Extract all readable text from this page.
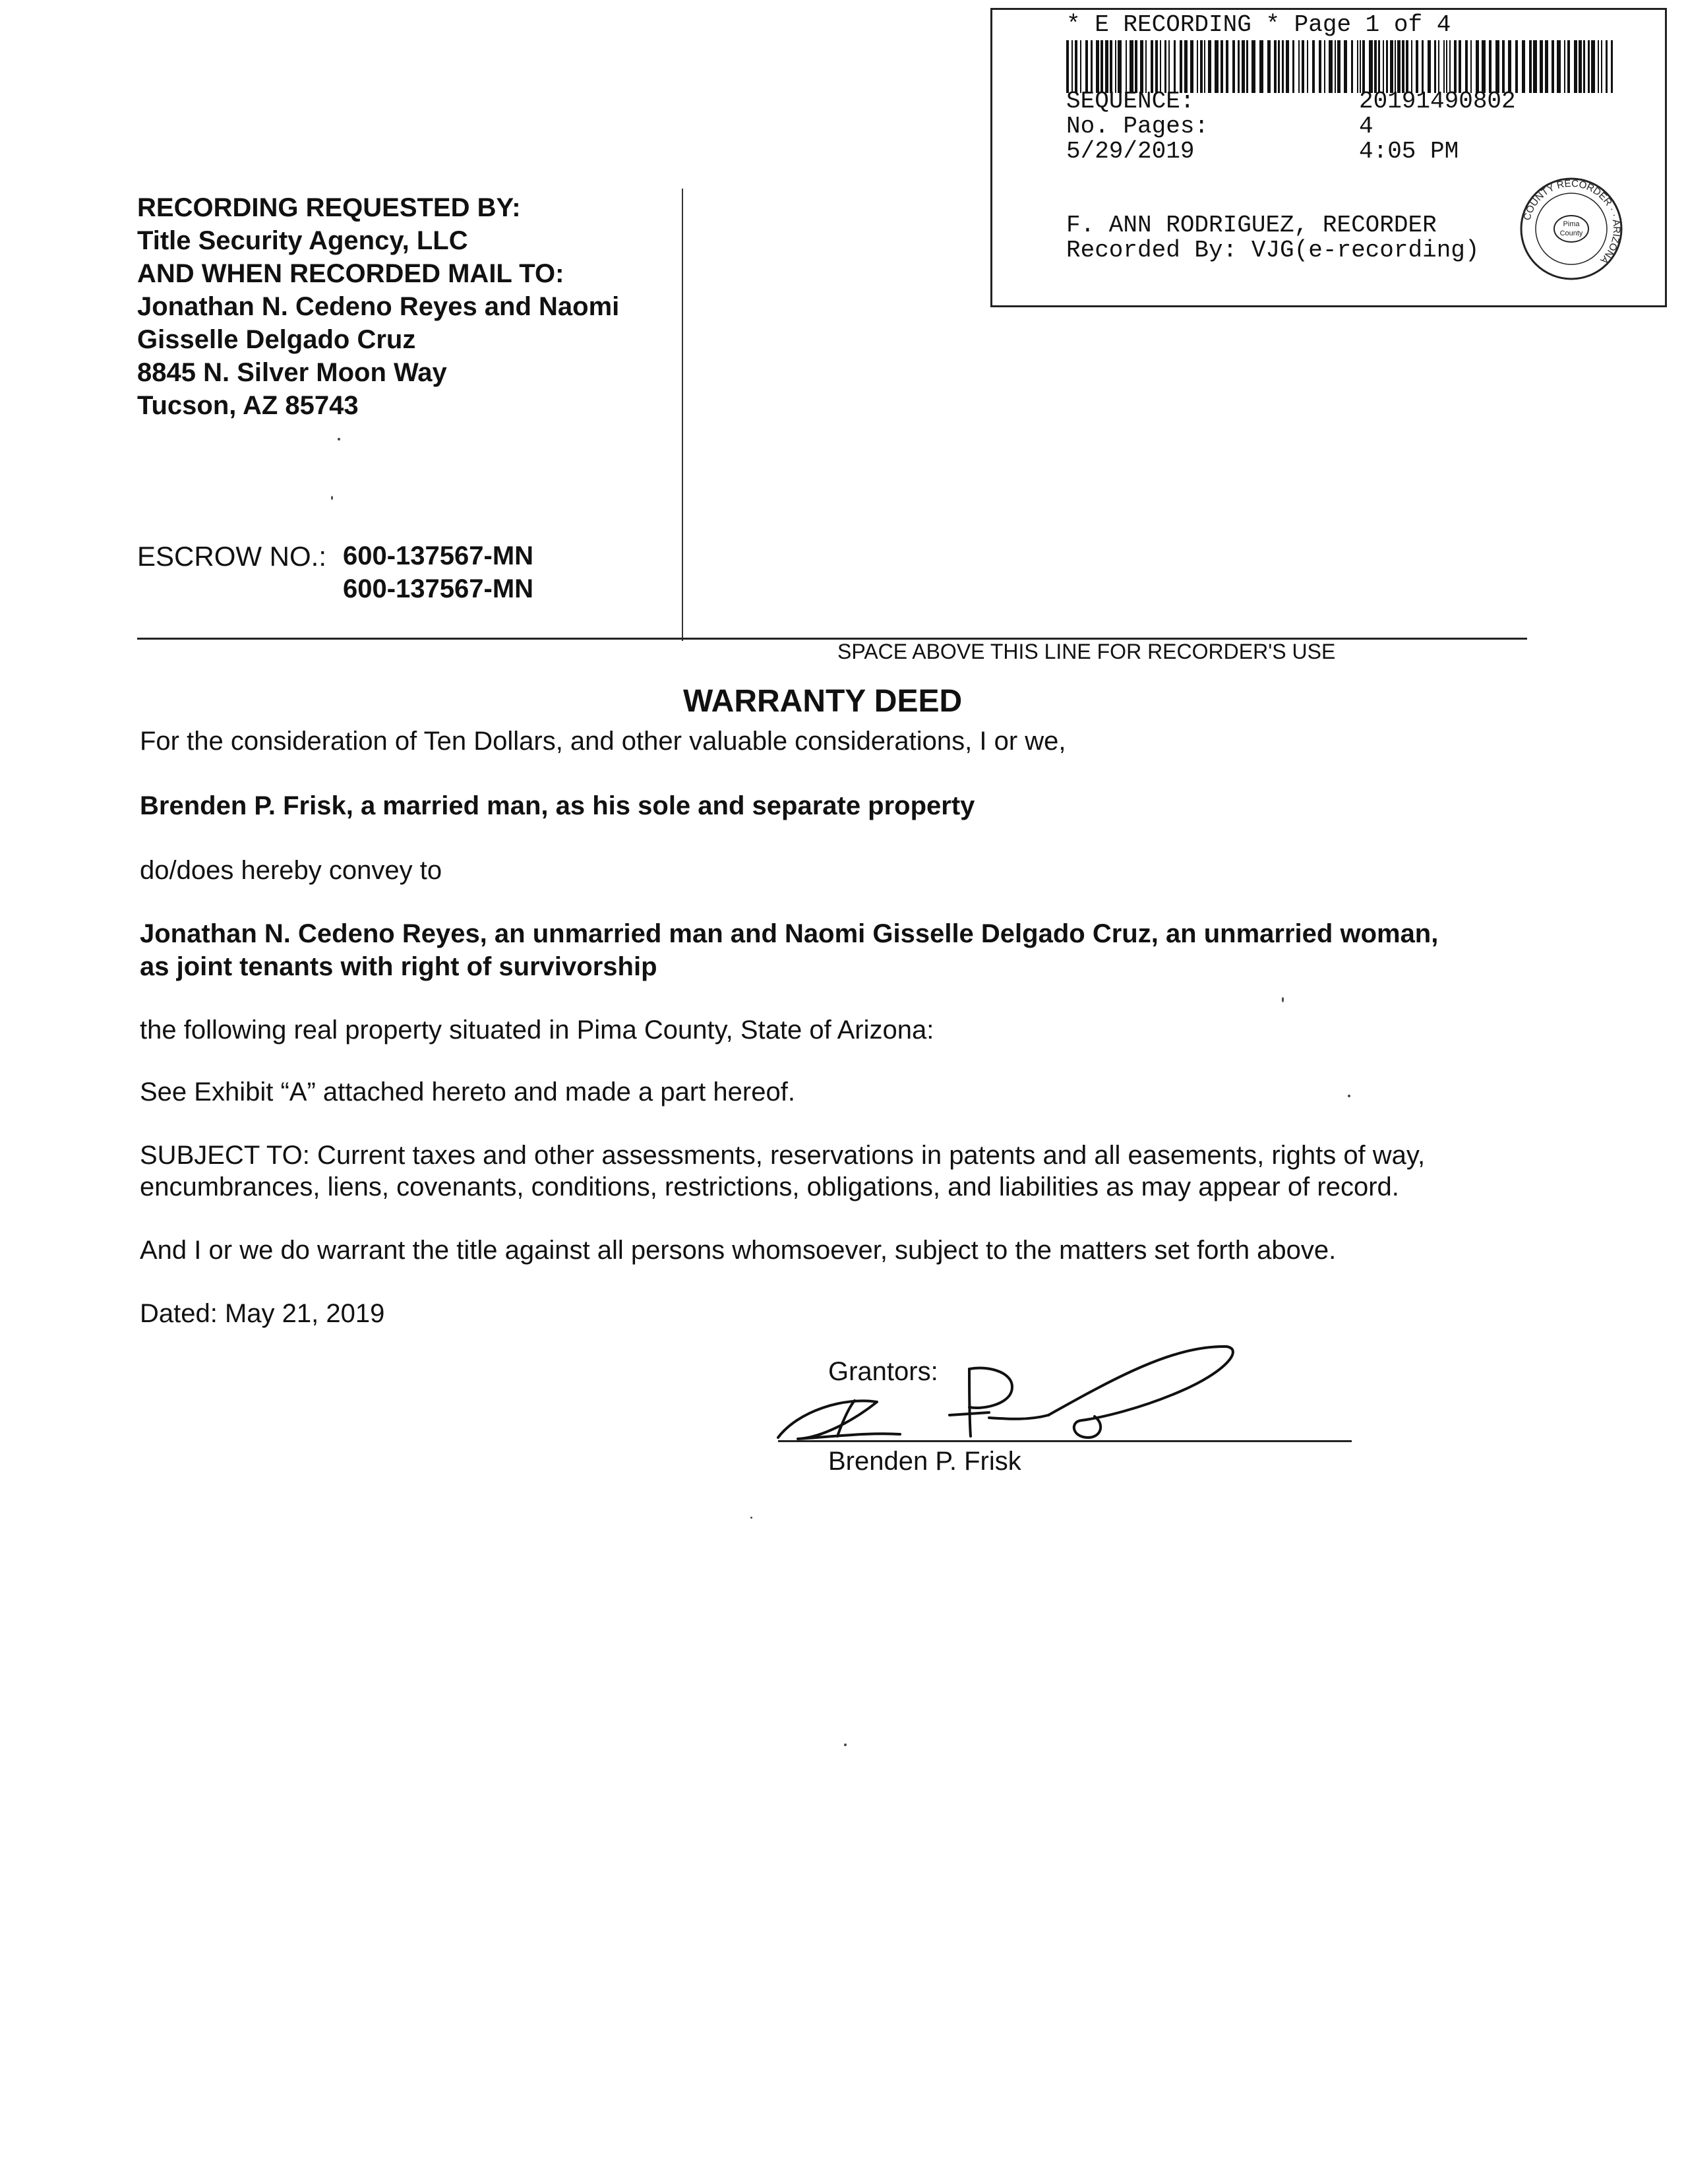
* E RECORDING * Page 1 of 4
SEQUENCE:	20191490802
No. Pages:	4
5/29/2019	4:05 PM
F. ANN RODRIGUEZ, RECORDER
Recorded By: VJG(e-recording)
Pima
County
COUNTY RECORDER · · ARIZONA
RECORDING REQUESTED BY:
Title Security Agency, LLC
AND WHEN RECORDED MAIL TO:
Jonathan N. Cedeno Reyes and Naomi
Gisselle Delgado Cruz
8845 N. Silver Moon Way
Tucson, AZ 85743
ESCROW NO.: 600-137567-MN
600-137567-MN
SPACE ABOVE THIS LINE FOR RECORDER'S USE
WARRANTY DEED
For the consideration of Ten Dollars, and other valuable considerations, I or we,
Brenden P. Frisk, a married man, as his sole and separate property
do/does hereby convey to
Jonathan N. Cedeno Reyes, an unmarried man and Naomi Gisselle Delgado Cruz, an unmarried woman,
as joint tenants with right of survivorship
the following real property situated in Pima County, State of Arizona:
See Exhibit “A” attached hereto and made a part hereof.
SUBJECT TO: Current taxes and other assessments, reservations in patents and all easements, rights of way,
encumbrances, liens, covenants, conditions, restrictions, obligations, and liabilities as may appear of record.
And I or we do warrant the title against all persons whomsoever, subject to the matters set forth above.
Dated: May 21, 2019
Grantors:
Brenden P. Frisk
